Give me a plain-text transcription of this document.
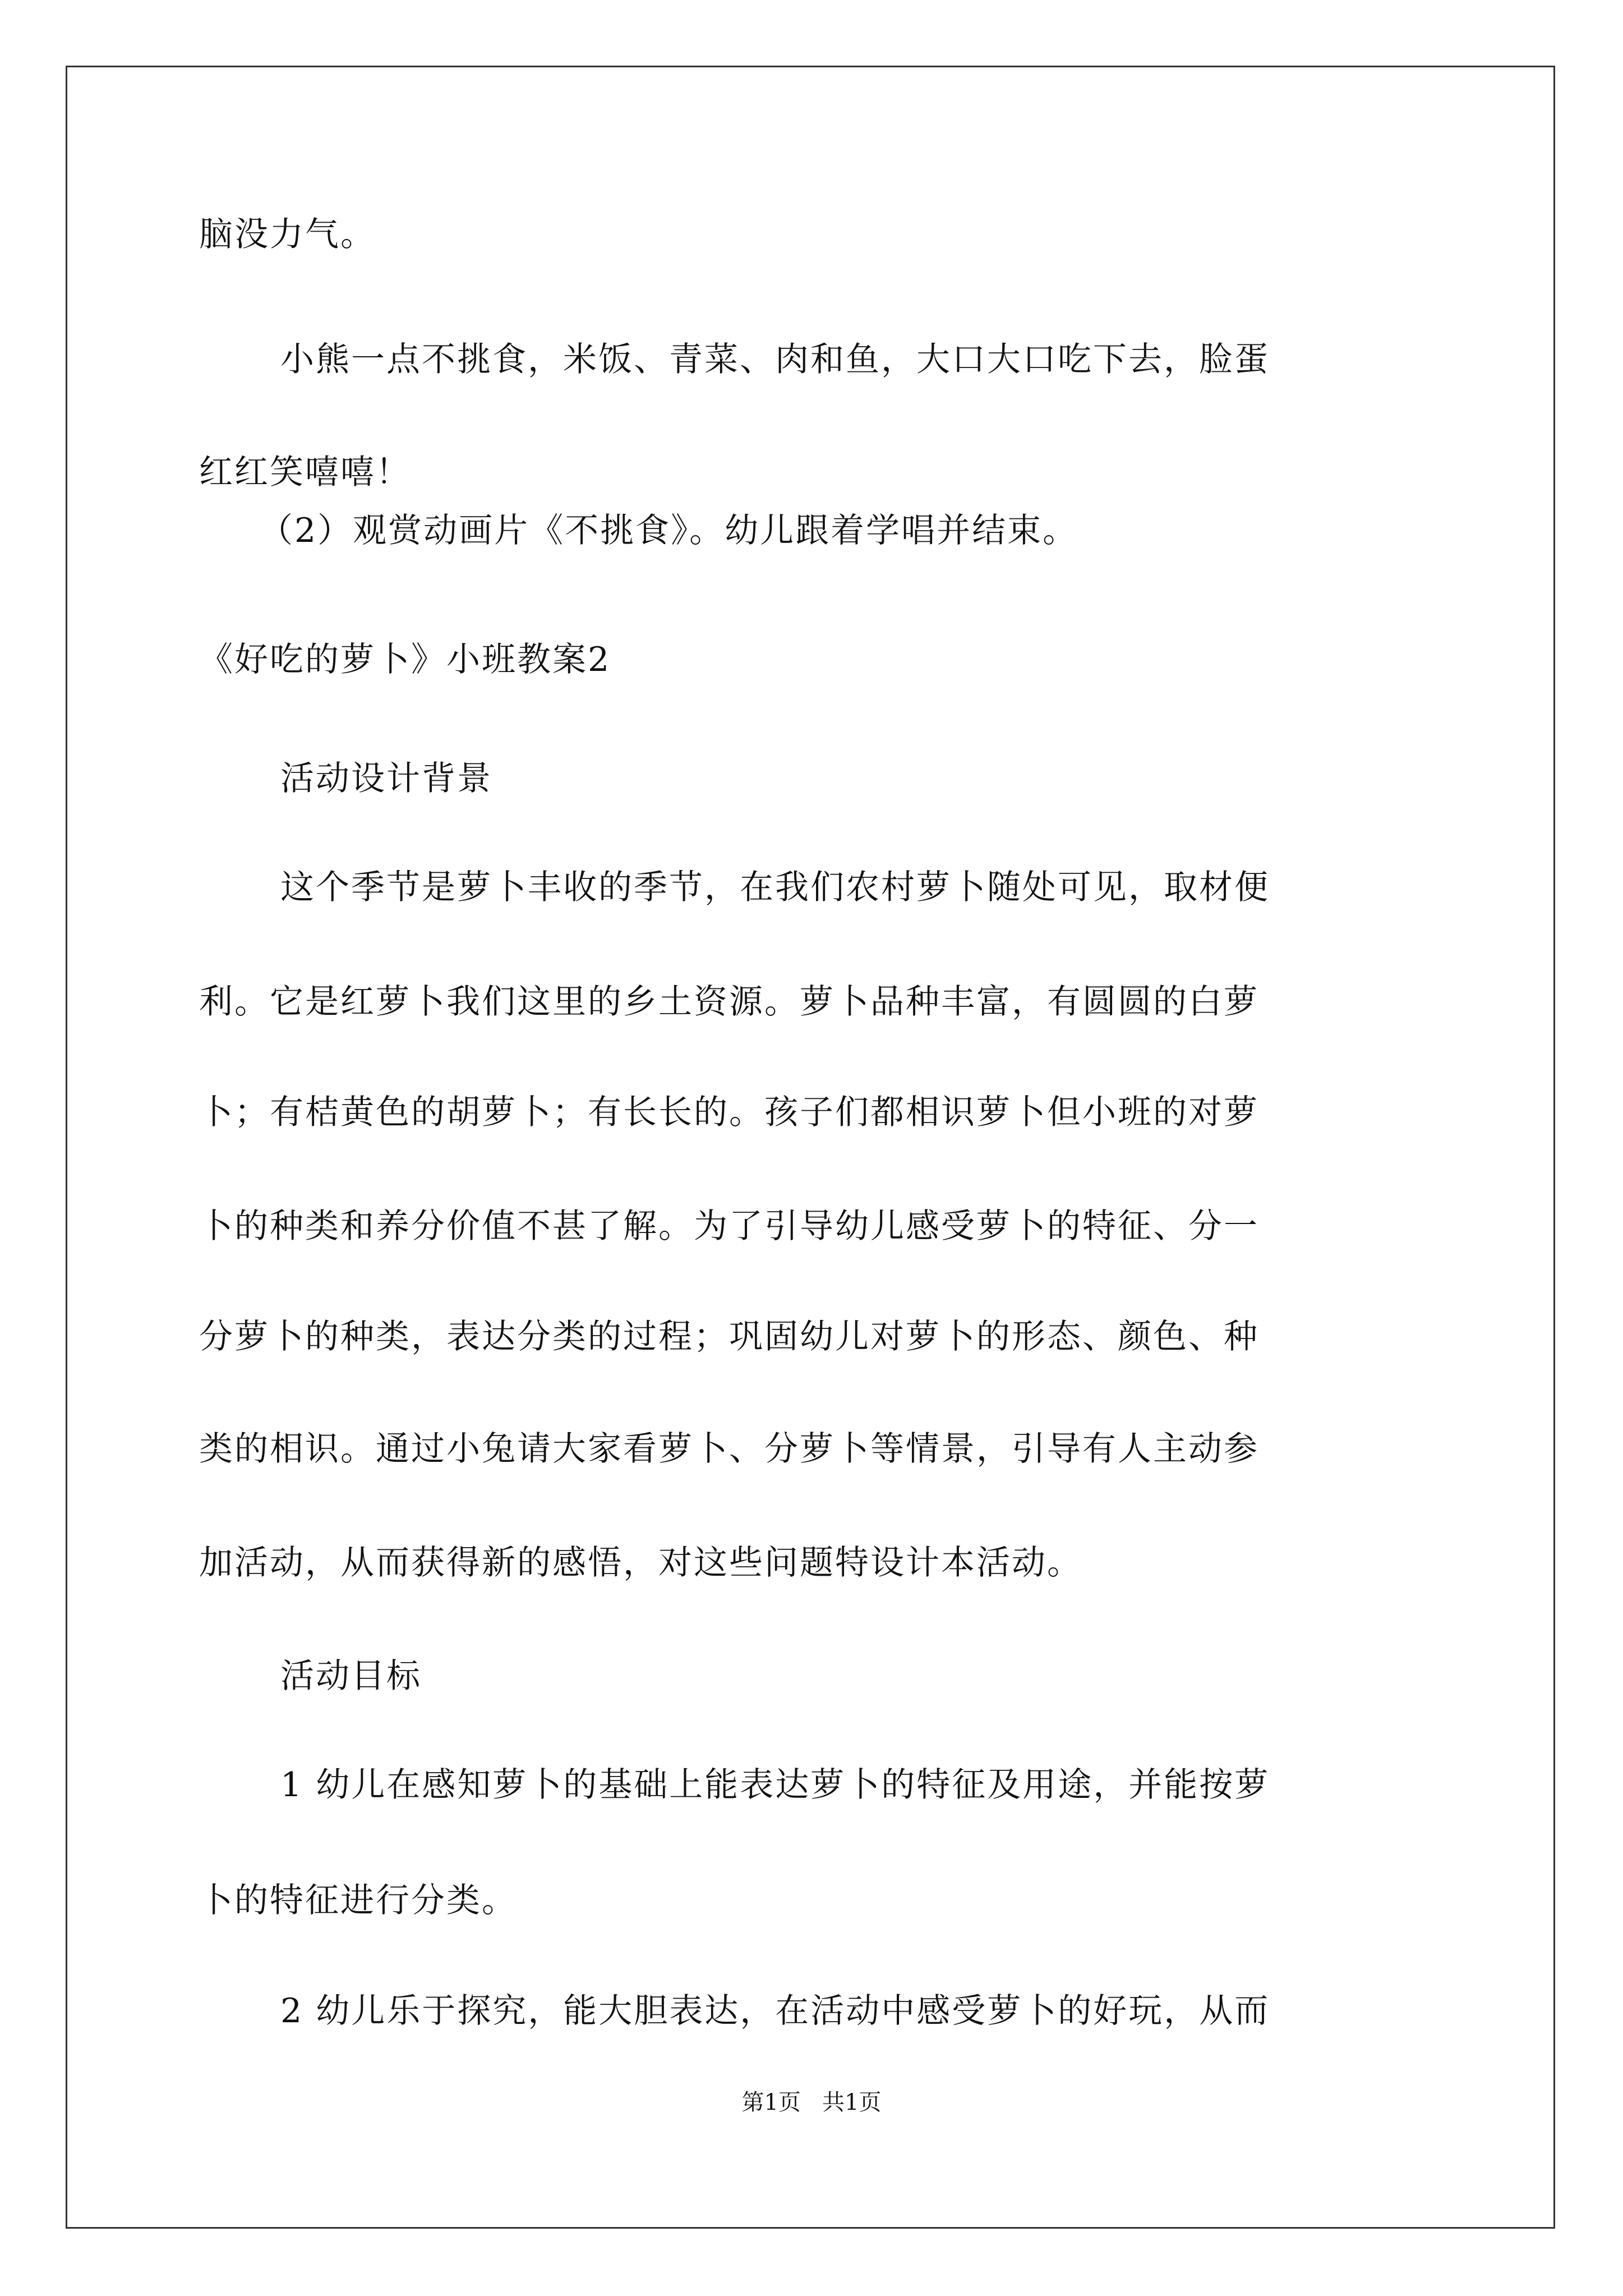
脑没力气。
小熊一点不挑食，米饭、青菜、肉和鱼，大口大口吃下去，脸蛋
红红笑嘻嘻！
（2）观赏动画片《不挑食》。幼儿跟着学唱并结束。
《好吃的萝卜》小班教案2
活动设计背景
这个季节是萝卜丰收的季节，在我们农村萝卜随处可见，取材便
利。它是红萝卜我们这里的乡土资源。萝卜品种丰富，有圆圆的白萝
卜；有桔黄色的胡萝卜；有长长的。孩子们都相识萝卜但小班的对萝
卜的种类和养分价值不甚了解。为了引导幼儿感受萝卜的特征、分一
分萝卜的种类，表达分类的过程；巩固幼儿对萝卜的形态、颜色、种
类的相识。通过小兔请大家看萝卜、分萝卜等情景，引导有人主动参
加活动，从而获得新的感悟，对这些问题特设计本活动。
活动目标
1 幼儿在感知萝卜的基础上能表达萝卜的特征及用途，并能按萝
卜的特征进行分类。
2 幼儿乐于探究，能大胆表达，在活动中感受萝卜的好玩，从而
第1页   共1页
